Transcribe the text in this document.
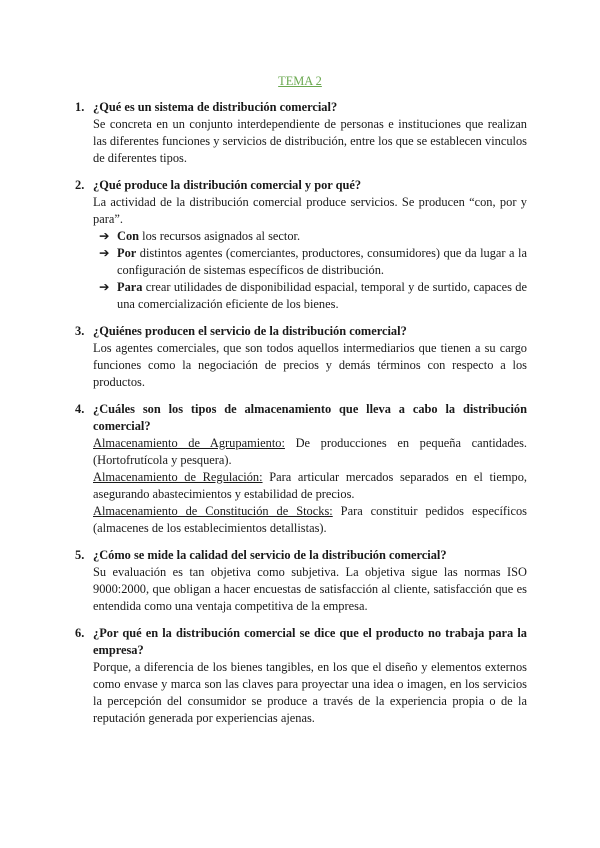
TEMA 2
1. ¿Qué es un sistema de distribución comercial?
Se concreta en un conjunto interdependiente de personas e instituciones que realizan las diferentes funciones y servicios de distribución, entre los que se establecen vinculos de diferentes tipos.
2. ¿Qué produce la distribución comercial y por qué?
La actividad de la distribución comercial produce servicios. Se producen “con, por y para”.
➔ Con los recursos asignados al sector.
➔ Por distintos agentes (comerciantes, productores, consumidores) que da lugar a la configuración de sistemas específicos de distribución.
➔ Para crear utilidades de disponibilidad espacial, temporal y de surtido, capaces de una comercialización eficiente de los bienes.
3. ¿Quiénes producen el servicio de la distribución comercial?
Los agentes comerciales, que son todos aquellos intermediarios que tienen a su cargo funciones como la negociación de precios y demás términos con respecto a los productos.
4. ¿Cuáles son los tipos de almacenamiento que lleva a cabo la distribución comercial?
Almacenamiento de Agrupamiento: De producciones en pequeña cantidades. (Hortofrutícola y pesquera).
Almacenamiento de Regulación: Para articular mercados separados en el tiempo, asegurando abastecimientos y estabilidad de precios.
Almacenamiento de Constitución de Stocks: Para constituir pedidos específicos (almacenes de los establecimientos detallistas).
5. ¿Cómo se mide la calidad del servicio de la distribución comercial?
Su evaluación es tan objetiva como subjetiva. La objetiva sigue las normas ISO 9000:2000, que obligan a hacer encuestas de satisfacción al cliente, satisfacción que es entendida como una ventaja competitiva de la empresa.
6. ¿Por qué en la distribución comercial se dice que el producto no trabaja para la empresa?
Porque, a diferencia de los bienes tangibles, en los que el diseño y elementos externos como envase y marca son las claves para proyectar una idea o imagen, en los servicios la percepción del consumidor se produce a través de la experiencia propia o de la reputación generada por experiencias ajenas.
